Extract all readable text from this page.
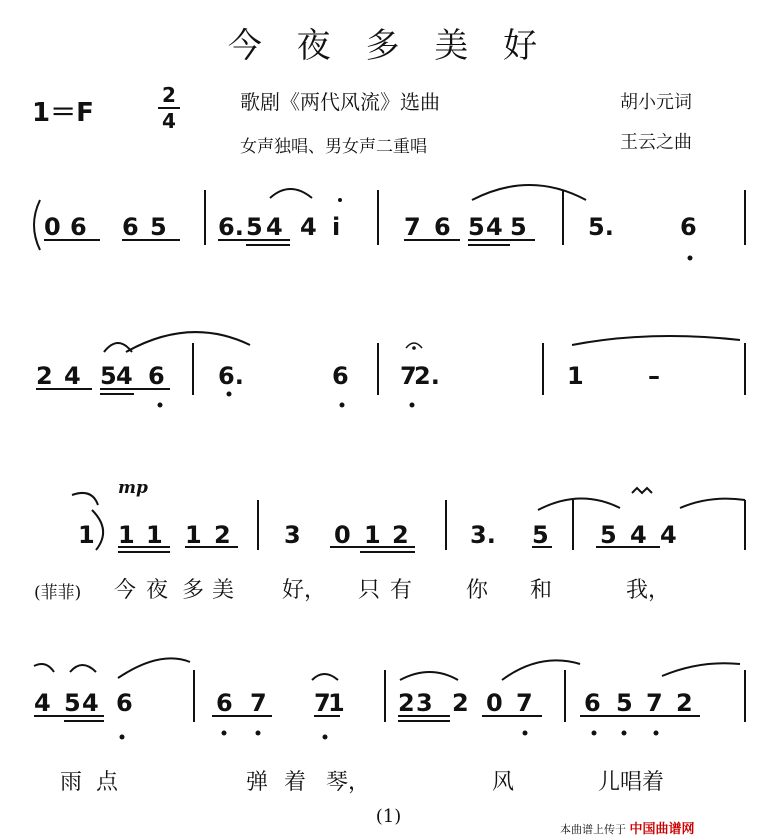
今 夜 多 美 好
1＝F
2
4
歌剧《两代风流》选曲
女声独唱、男女声二重唱
胡小元词
王云之曲
0 6 6 5 6. 5 4 4 i	7 6 5 4 5	5.	6
2 4 5 4 6 6.	6 7
2.	1	–
1 1 1 1 2 3 0 1 2	3. 5 5 4 4
4 5 4 6	6 7 7
1 2 3 2 0 7 6 5 7 2
mp
(菲菲) 今 夜 多 美 好， 只 有 你 和	我，
雨 点	弹 着 琴，	风	儿唱着
(1)
本曲谱上传于 中国曲谱网
